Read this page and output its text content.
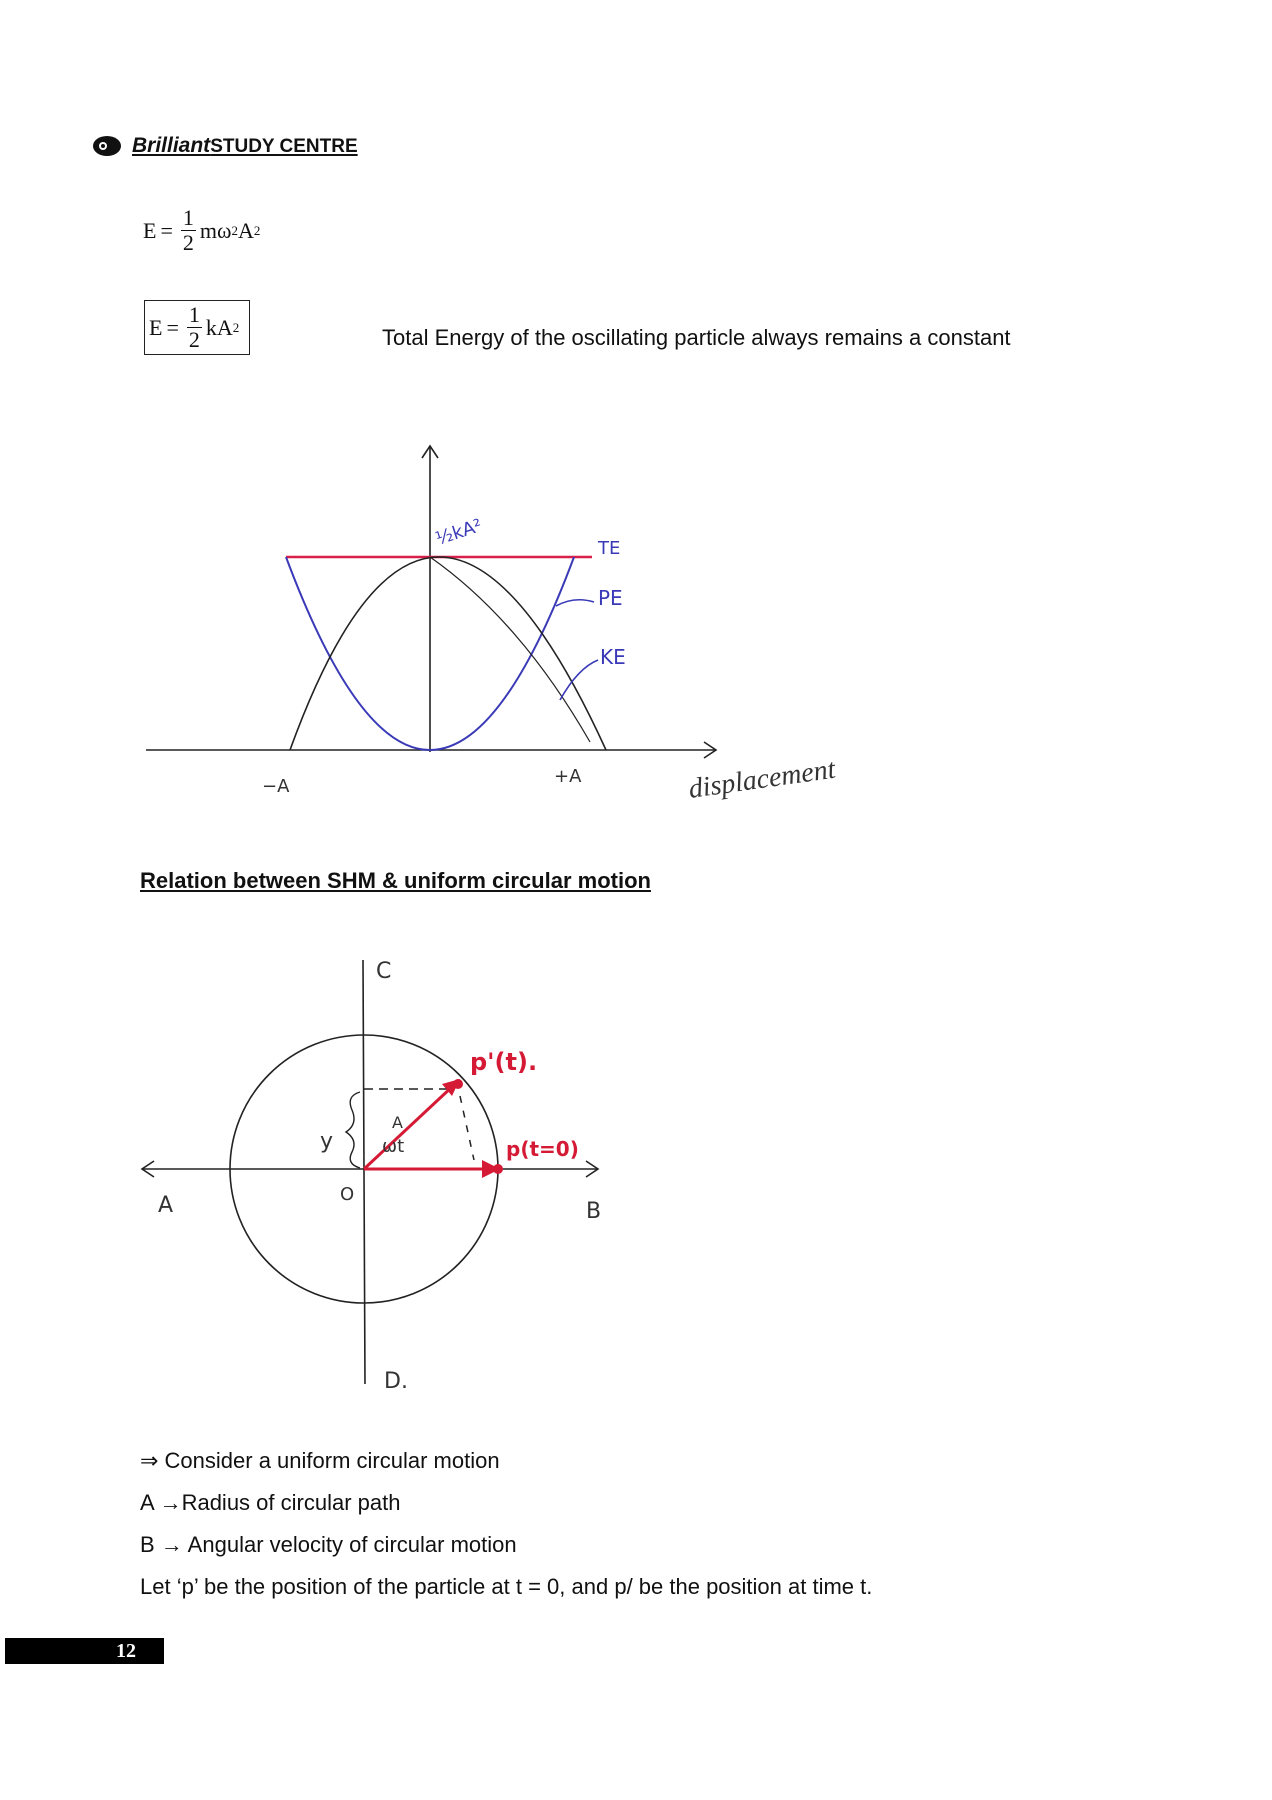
BrilliantSTUDY CENTRE
$E = \frac{1}{2}$ mω 2 A 2
$E = \frac{1}{2}$ kA 2	Total Energy of the oscillating particle always remains a constant
½kA²	TE
PE
KE
−A	+A	displacement
Relation between SHM & uniform circular motion
C
D.
A	B
O
y
A
ωt
p'(t).
p(t=0)
⇒ Consider a uniform circular motion
A →Radius of circular path
B → Angular velocity of circular motion
Let ‘p’ be the position of the particle at t = 0, and p/ be the position at time t.
12
